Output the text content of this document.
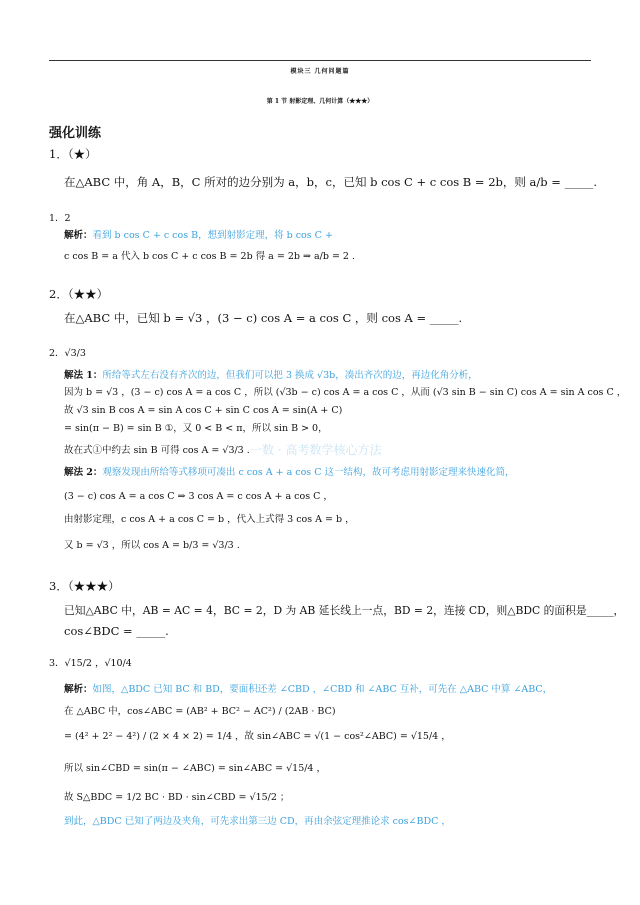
模块三 几何问题篇
第 1 节 射影定理、几何计算（★★★）
强化训练
1．（★）
在△ABC 中，角 A，B，C 所对的边分别为 a，b，c，已知 b cos C + c cos B = 2b，则 a/b = _____.
1．2
解析：看到 b cos C + c cos B，想到射影定理，将 b cos C +
c cos B = a 代入 b cos C + c cos B = 2b 得 a = 2b ⇒ a/b = 2 .
2．（★★）
在△ABC 中，已知 b = √3 ，(3 − c) cos A = a cos C ，则 cos A = _____.
2．√3/3
解法 1：所给等式左右没有齐次的边，但我们可以把 3 换成 √3b，凑出齐次的边，再边化角分析，
因为 b = √3 ，(3 − c) cos A = a cos C ，所以 (√3b − c) cos A = a cos C ，从而 (√3 sin B − sin C) cos A = sin A cos C ，
故 √3 sin B cos A = sin A cos C + sin C cos A = sin(A + C)
= sin(π − B) = sin B ①，又 0 < B < π，所以 sin B > 0，
故在式①中约去 sin B 可得 cos A = √3/3 . 一数 · 高考数学核心方法
解法 2：观察发现由所给等式移项可凑出 c cos A + a cos C 这一结构，故可考虑用射影定理来快速化简，
(3 − c) cos A = a cos C ⇒ 3 cos A = c cos A + a cos C ，
由射影定理，c cos A + a cos C = b ，代入上式得 3 cos A = b ，
又 b = √3 ，所以 cos A = b/3 = √3/3 .
3．（★★★）
已知△ABC 中，AB = AC = 4，BC = 2，D 为 AB 延长线上一点，BD = 2，连接 CD，则△BDC 的面积是_____，
cos∠BDC = _____.
3．√15/2 ，√10/4
解析：如图，△BDC 已知 BC 和 BD，要面积还差 ∠CBD ，∠CBD 和 ∠ABC 互补，可先在 △ABC 中算 ∠ABC，
在 △ABC 中，cos∠ABC = (AB² + BC² − AC²) / (2AB · BC)
= (4² + 2² − 4²) / (2 × 4 × 2) = 1/4 ，故 sin∠ABC = √(1 − cos²∠ABC) = √15/4 ，
所以 sin∠CBD = sin(π − ∠ABC) = sin∠ABC = √15/4 ，
故 S△BDC = 1/2 BC · BD · sin∠CBD = √15/2 ；
到此，△BDC 已知了两边及夹角，可先求出第三边 CD，再由余弦定理推论求 cos∠BDC ，
